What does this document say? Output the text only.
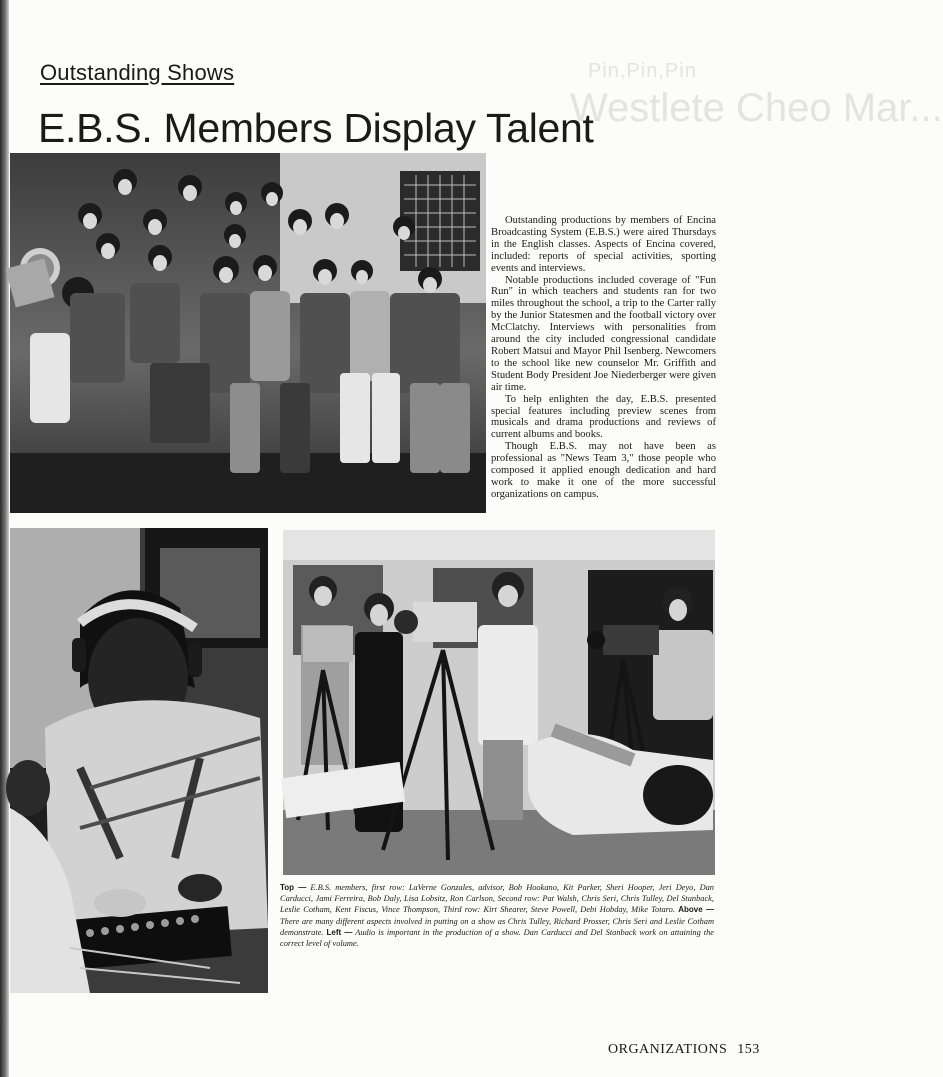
Pin,Pin,Pin
Westlete Cheo Mar...
Outstanding Shows
E.B.S. Members Display Talent

Outstanding productions by members of Encina Broadcasting System (E.B.S.) were aired Thursdays in the English classes. Aspects of Encina covered, included: reports of special activities, sporting events and interviews.

Notable productions included coverage of "Fun Run" in which teachers and students ran for two miles throughout the school, a trip to the Carter rally by the Junior Statesmen and the football victory over McClatchy. Interviews with personalities from around the city included congressional candidate Robert Matsui and Mayor Phil Isenberg. Newcomers to the school like new counselor Mr. Griffith and Student Body President Joe Niederberger were given air time.

To help enlighten the day, E.B.S. presented special features including preview scenes from musicals and drama productions and reviews of current albums and books.

Though E.B.S. may not have been as professional as "News Team 3," those people who composed it applied enough dedication and hard work to make it one of the more successful organizations on campus.

Top — E.B.S. members, first row: LaVerne Gonzales, advisor, Bob Hookano, Kit Parker, Sheri Hooper, Jeri Deyo, Dan Carducci, Jami Ferreira, Bob Daly, Lisa Lobsitz, Ron Carlson, Second row: Pat Walsh, Chris Seri, Chris Tulley, Del Stanback, Leslie Cotham, Kent Fiscus, Vince Thompson, Third row: Kirt Shearer, Steve Powell, Debi Hobday, Mike Totaro. Above — There are many different aspects involved in putting on a show as Chris Tulley, Richard Prosser, Chris Seri and Leslie Cotham demonstrate. Left — Audio is important in the production of a show. Dan Carducci and Del Stanback work on attaining the correct level of volume.
ORGANIZATIONS 153
